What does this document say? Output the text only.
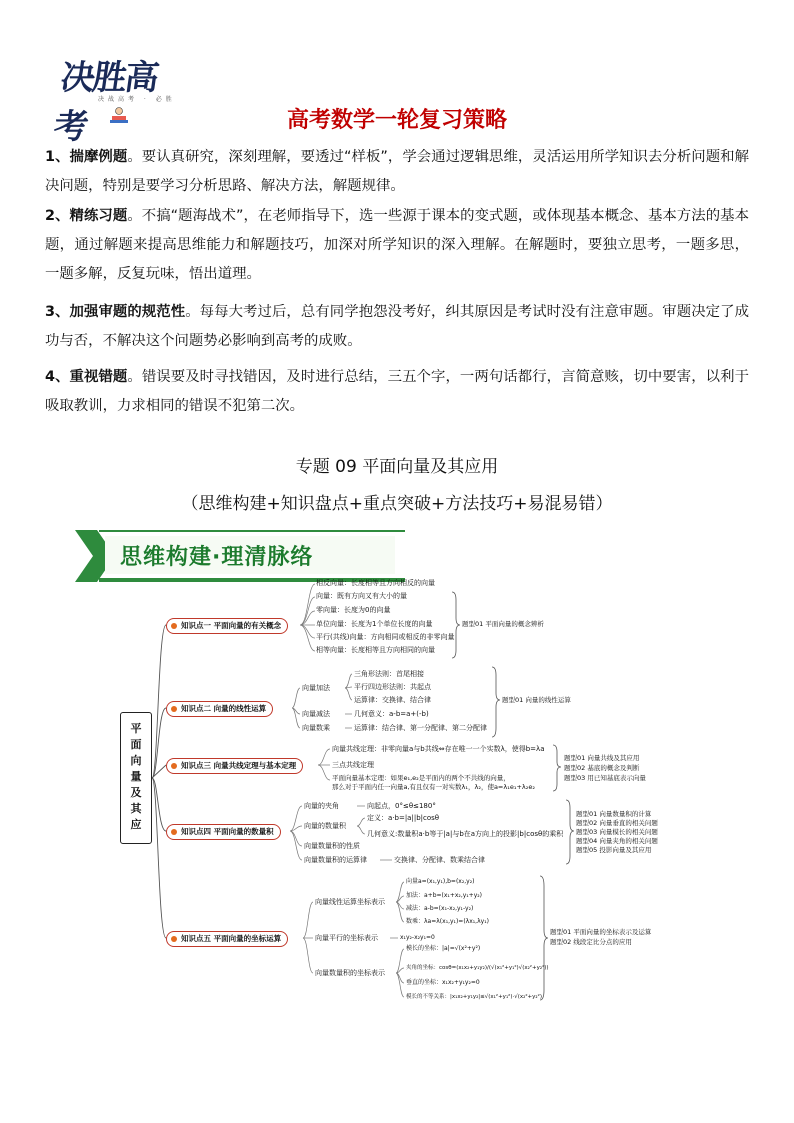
决胜高考
决战高考 · 必胜
高考数学一轮复习策略
1、揣摩例题。要认真研究，深刻理解，要透过“样板”，学会通过逻辑思维，灵活运用所学知识去分析问题和解决问题，特别是要学习分析思路、解决方法，解题规律。
2、精练习题。不搞“题海战术”，在老师指导下，选一些源于课本的变式题，或体现基本概念、基本方法的基本题，通过解题来提高思维能力和解题技巧，加深对所学知识的深入理解。在解题时，要独立思考，一题多思，一题多解，反复玩味，悟出道理。
3、加强审题的规范性。每每大考过后，总有同学抱怨没考好，纠其原因是考试时没有注意审题。审题决定了成功与否，不解决这个问题势必影响到高考的成败。
4、重视错题。错误要及时寻找错因，及时进行总结，三五个字，一两句话都行，言简意赅，切中要害，以利于吸取教训，力求相同的错误不犯第二次。
专题 09 平面向量及其应用
（思维构建+知识盘点+重点突破+方法技巧+易混易错）
思维构建·理清脉络
平
面
向
量
及
其
应
知识点一 平面向量的有关概念
知识点二 向量的线性运算
知识点三 向量共线定理与基本定理
知识点四 平面向量的数量积
知识点五 平面向量的坐标运算
向量：既有方向又有大小的量
零向量：长度为0的向量
单位向量：长度为1个单位长度的向量
平行(共线)向量：方向相同或相反的非零向量
相等向量：长度相等且方向相同的向量
相反向量：长度相等且方向相反的向量
题型01 平面向量的概念辨析
向量加法
向量减法
向量数乘
三角形法则：首尾相接
平行四边形法则：共起点
运算律：交换律、结合律
几何意义：a-b=a+(-b)
运算律：结合律、第一分配律、第二分配律
题型01 向量的线性运算
向量共线定理：非零向量a与b共线⇔存在唯一一个实数λ，使得b=λa
三点共线定理
平面向量基本定理：如果e₁,e₂是平面内的两个不共线的向量，
那么对于平面内任一向量a,有且仅有一对实数λ₁，λ₂，使a=λ₁e₁+λ₂e₂
题型01 向量共线及其应用
题型02 基底的概念及判断
题型03 用已知基底表示向量
向量的夹角
向量的数量积
向量数量积的性质
向量数量积的运算律
向起点，0°≤θ≤180°
定义：a·b=|a||b|cosθ
几何意义:数量积a·b等于|a|与b在a方向上的投影|b|cosθ的乘积
交换律、分配律、数乘结合律
题型01 向量数量积的计算
题型02 向量垂直的相关问题
题型03 向量模长的相关问题
题型04 向量夹角的相关问题
题型05 投影向量及其应用
向量线性运算坐标表示
向量平行的坐标表示
向量数量积的坐标表示
向量a=(x₁,y₁),b=(x₂,y₂)
加法：a+b=(x₁+x₂,y₁+y₂)
减法：a-b=(x₁-x₂,y₁-y₂)
数乘：λa=λ(x₁,y₁)=(λx₁,λy₁)
x₁y₂-x₂y₁=0
模长的坐标：|a|=√(x²+y²)
夹角的坐标：cosθ=(x₁x₂+y₁y₂)/(√(x₁²+y₁²)√(x₂²+y₂²))
垂直的坐标：x₁x₂+y₁y₂=0
模长的不等关系：|x₁x₂+y₁y₂|≤√(x₁²+y₁²)·√(x₂²+y₂²)
题型01 平面向量的坐标表示及运算
题型02 线段定比分点的应用
